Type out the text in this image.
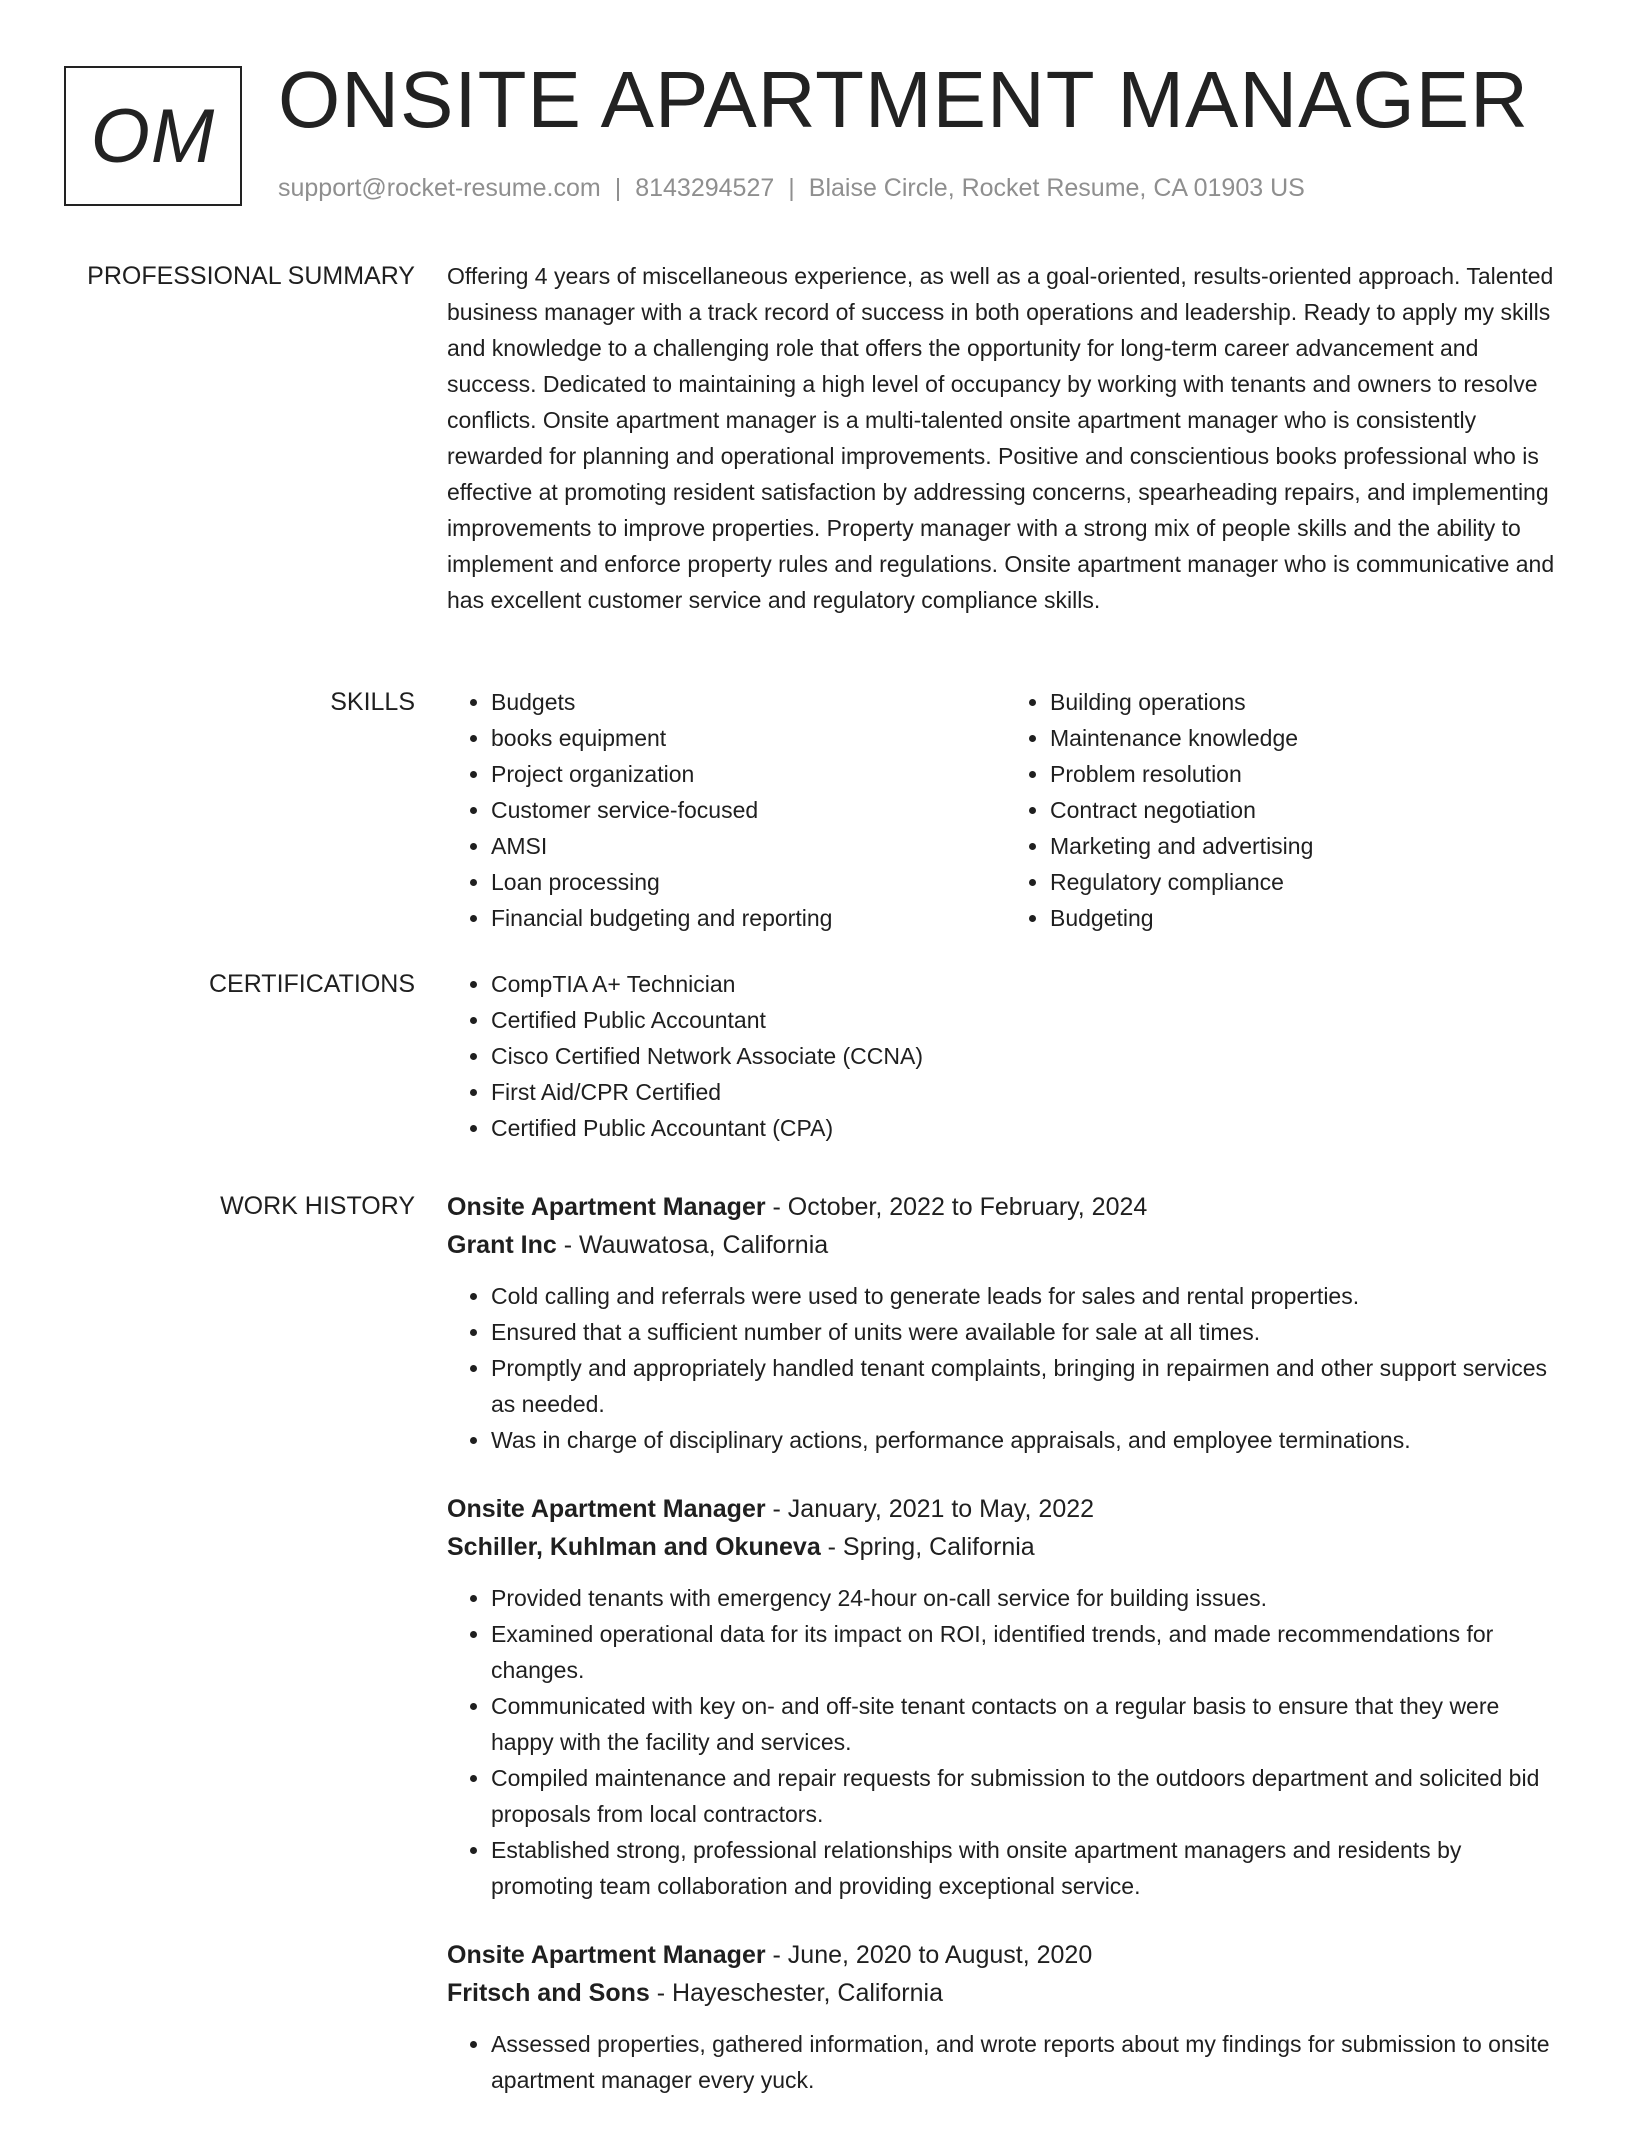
OM ONSITE APARTMENT MANAGER
support@rocket-resume.com | 8143294527 | Blaise Circle, Rocket Resume, CA 01903 US
PROFESSIONAL SUMMARY Offering 4 years of miscellaneous experience, as well as a goal-oriented, results-oriented approach. Talented business manager with a track record of success in both operations and leadership. Ready to apply my skills and knowledge to a challenging role that offers the opportunity for long-term career advancement and success. Dedicated to maintaining a high level of occupancy by working with tenants and owners to resolve conflicts. Onsite apartment manager is a multi-talented onsite apartment manager who is consistently rewarded for planning and operational improvements. Positive and conscientious books professional who is effective at promoting resident satisfaction by addressing concerns, spearheading repairs, and implementing improvements to improve properties. Property manager with a strong mix of people skills and the ability to implement and enforce property rules and regulations. Onsite apartment manager who is communicative and has excellent customer service and regulatory compliance skills.

SKILLS	• Budgets
• books equipment
• Project organization
• Customer service-focused
• AMSI
• Loan processing
• Financial budgeting and reporting
• Building operations
• Maintenance knowledge
• Problem resolution
• Contract negotiation
• Marketing and advertising
• Regulatory compliance
• Budgeting
CERTIFICATIONS	• CompTIA A+ Technician
• Certified Public Accountant
• Cisco Certified Network Associate (CCNA)
• First Aid/CPR Certified
• Certified Public Accountant (CPA)
WORK HISTORY Onsite Apartment Manager - October, 2022 to February, 2024
Grant Inc - Wauwatosa, California
• Cold calling and referrals were used to generate leads for sales and rental properties.
• Ensured that a sufficient number of units were available for sale at all times.
• Promptly and appropriately handled tenant complaints, bringing in repairmen and other support services as needed.
• Was in charge of disciplinary actions, performance appraisals, and employee terminations.
Onsite Apartment Manager - January, 2021 to May, 2022
Schiller, Kuhlman and Okuneva - Spring, California
• Provided tenants with emergency 24-hour on-call service for building issues.
• Examined operational data for its impact on ROI, identified trends, and made recommendations for changes.
• Communicated with key on- and off-site tenant contacts on a regular basis to ensure that they were happy with the facility and services.
• Compiled maintenance and repair requests for submission to the outdoors department and solicited bid proposals from local contractors.
• Established strong, professional relationships with onsite apartment managers and residents by promoting team collaboration and providing exceptional service.
Onsite Apartment Manager - June, 2020 to August, 2020
Fritsch and Sons - Hayeschester, California
• Assessed properties, gathered information, and wrote reports about my findings for submission to onsite apartment manager every yuck.
